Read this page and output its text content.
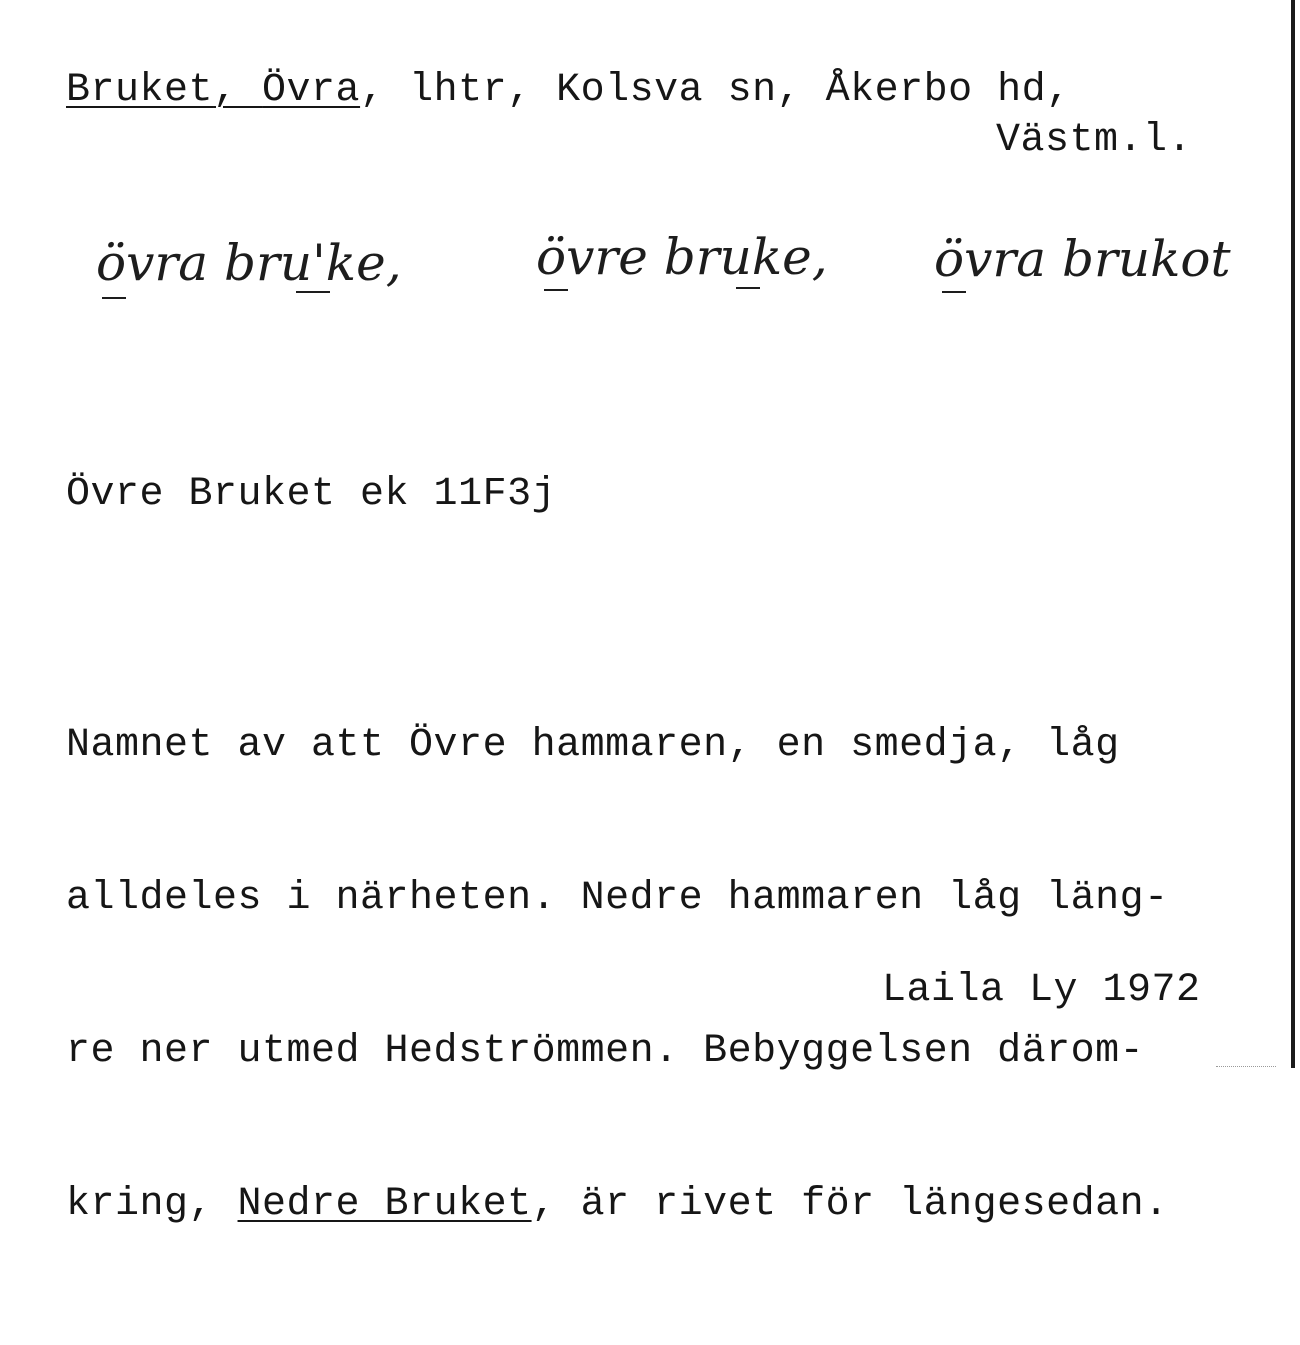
Bruket, Övra, lhtr, Kolsva sn, Åkerbo hd,
Västm.l.
övra bru'ke,	övre bruke, övra brukot
Övre Bruket ek 11F3j

Namnet av att Övre hammaren, en smedja, låg

alldeles i närheten. Nedre hammaren låg läng-

re ner utmed Hedströmmen. Bebyggelsen därom-

kring, Nedre Bruket, är rivet för längesedan.

Laila Ly 1972
